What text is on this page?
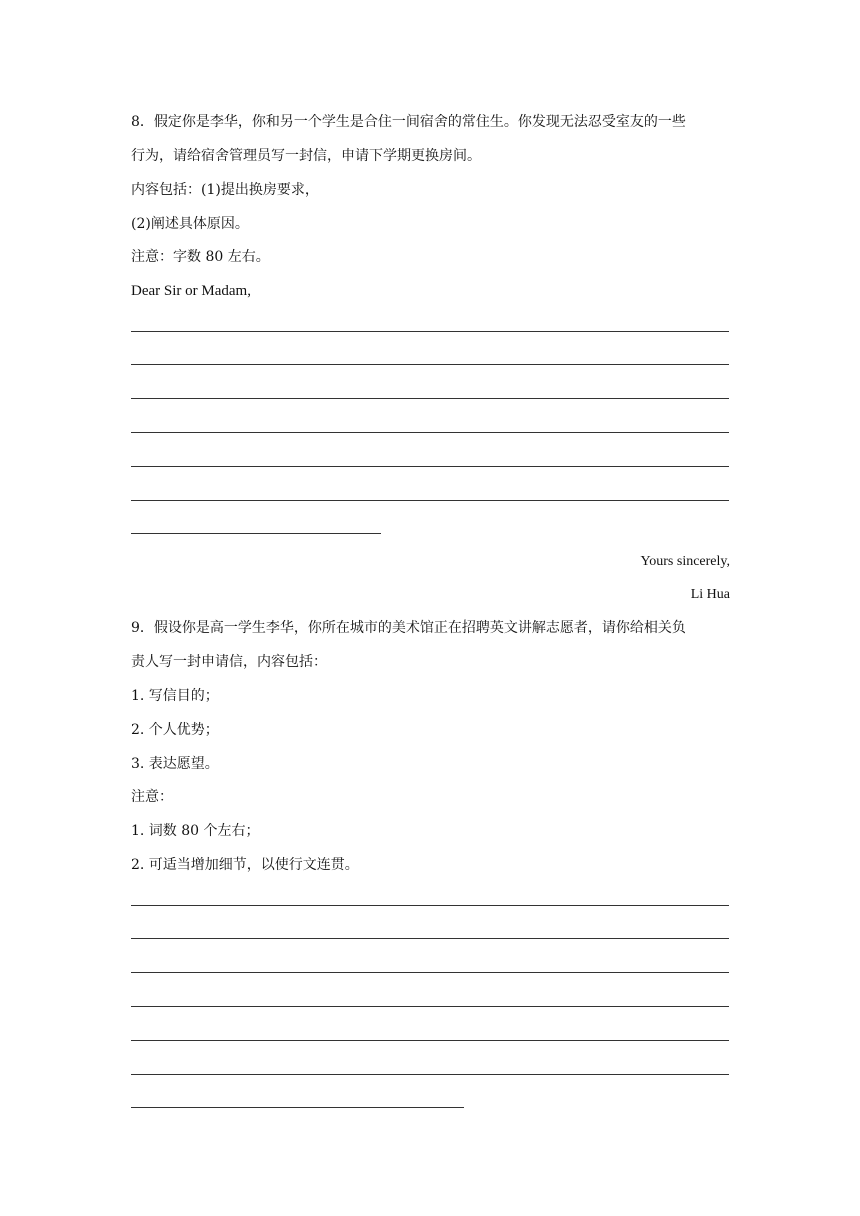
8．假定你是李华，你和另一个学生是合住一间宿舍的常住生。你发现无法忍受室友的一些
行为，请给宿舍管理员写一封信，申请下学期更换房间。
内容包括：(1)提出换房要求，
(2)阐述具体原因。
注意：字数 80 左右。
Dear Sir or Madam,
Yours sincerely,
Li Hua
9．假设你是高一学生李华，你所在城市的美术馆正在招聘英文讲解志愿者，请你给相关负
责人写一封申请信，内容包括：
1. 写信目的；
2. 个人优势；
3. 表达愿望。
注意：
1. 词数 80 个左右；
2. 可适当增加细节，以使行文连贯。
